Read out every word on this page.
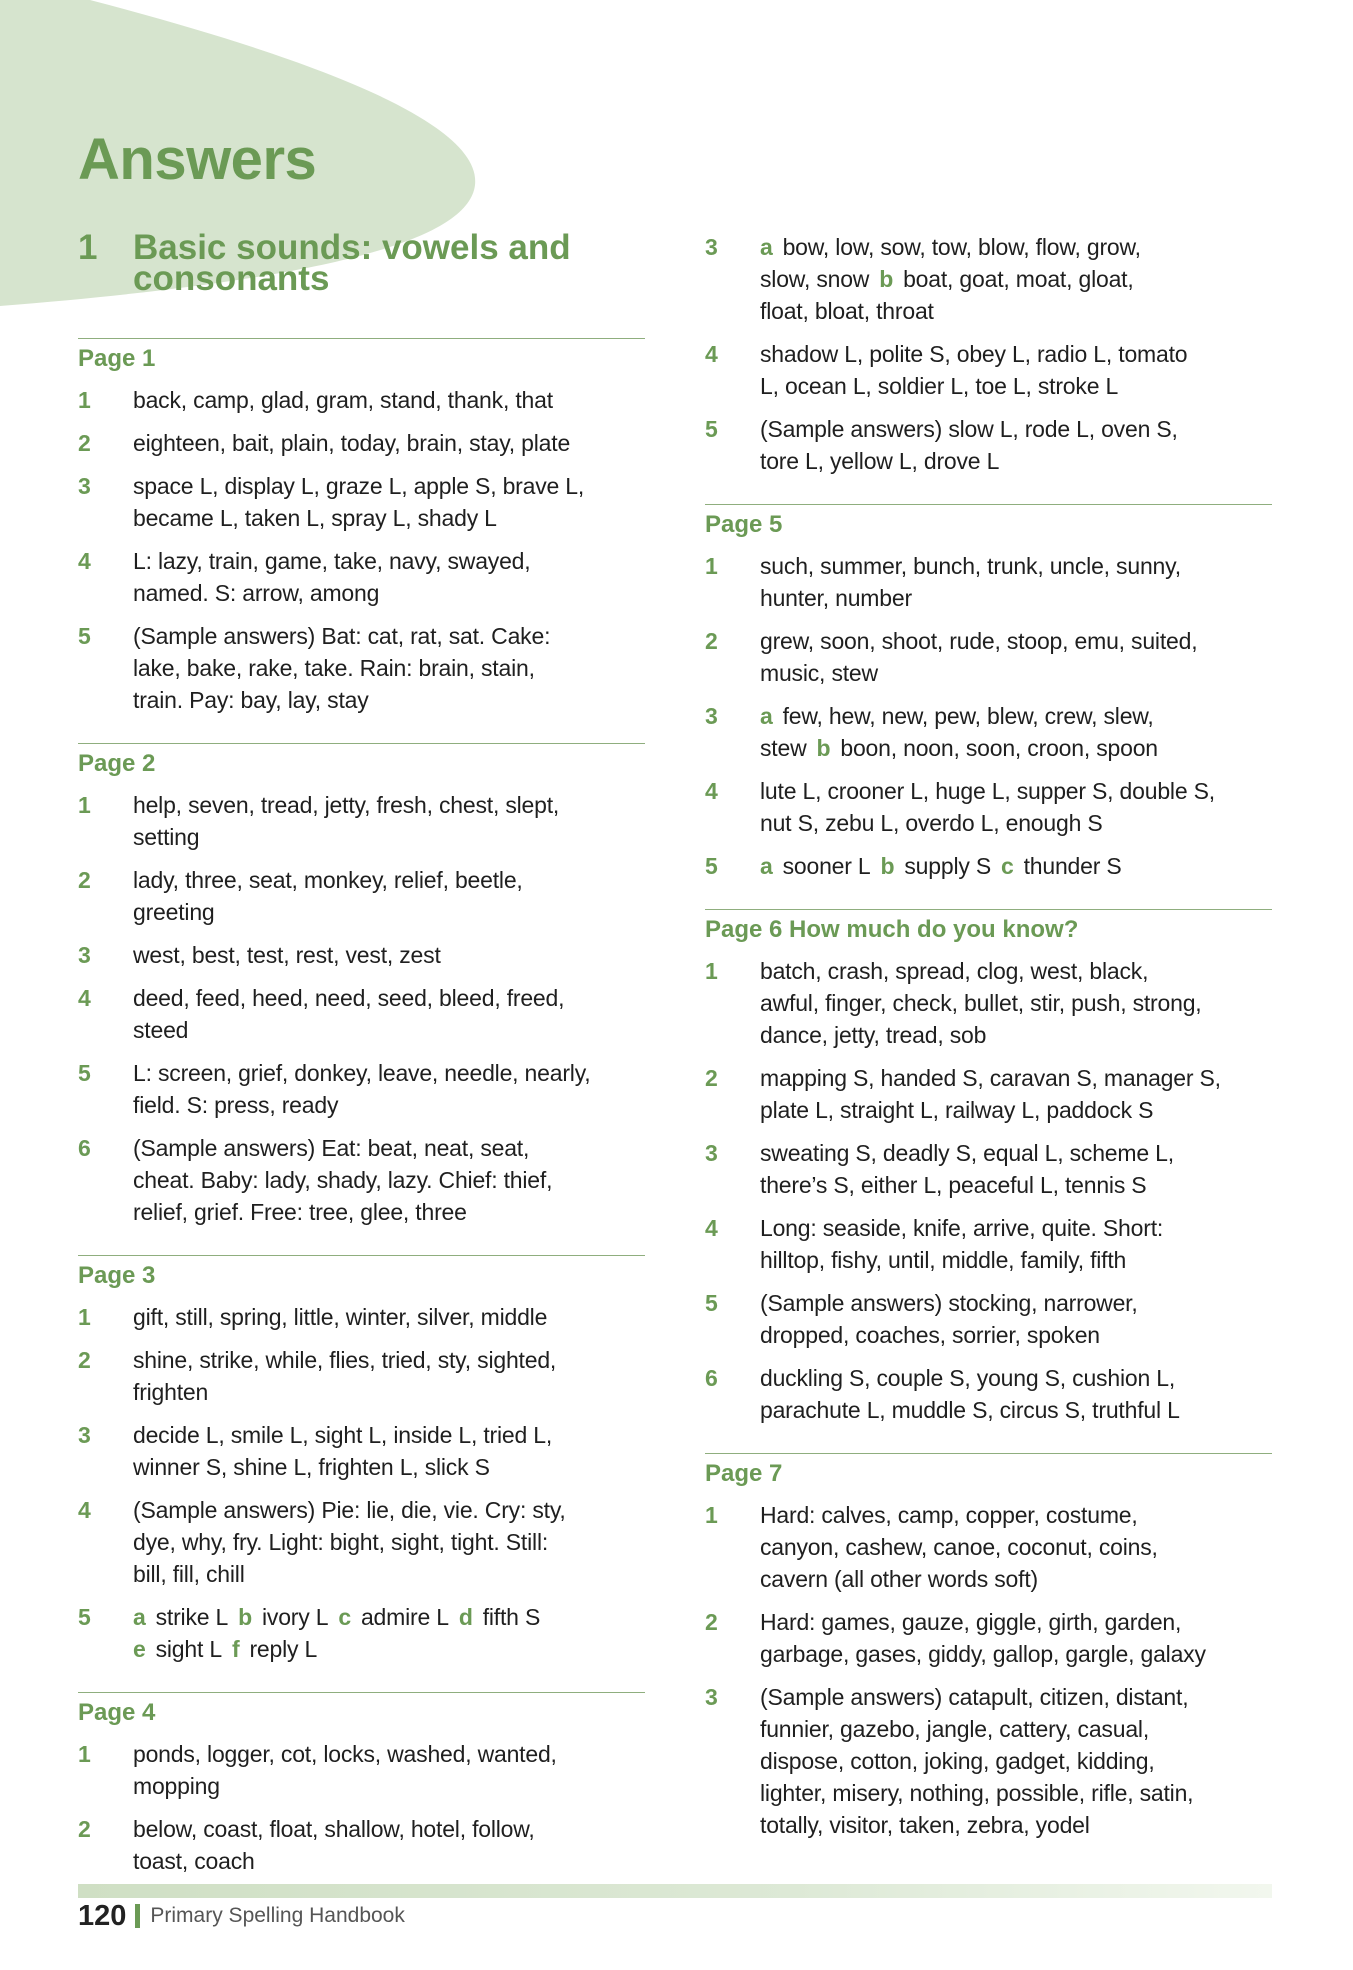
Answers
1 Basic sounds: vowels and consonants
Page 1
1 back, camp, glad, gram, stand, thank, that
2 eighteen, bait, plain, today, brain, stay, plate
3 space L, display L, graze L, apple S, brave L,
became L, taken L, spray L, shady L
4 L: lazy, train, game, take, navy, swayed,
named. S: arrow, among
5 (Sample answers) Bat: cat, rat, sat. Cake:
lake, bake, rake, take. Rain: brain, stain,
train. Pay: bay, lay, stay
Page 2
1 help, seven, tread, jetty, fresh, chest, slept,
setting
2 lady, three, seat, monkey, relief, beetle,
greeting
3 west, best, test, rest, vest, zest
4 deed, feed, heed, need, seed, bleed, freed,
steed
5 L: screen, grief, donkey, leave, needle, nearly,
field. S: press, ready
6 (Sample answers) Eat: beat, neat, seat,
cheat. Baby: lady, shady, lazy. Chief: thief,
relief, grief. Free: tree, glee, three
Page 3
1 gift, still, spring, little, winter, silver, middle
2 shine, strike, while, flies, tried, sty, sighted,
frighten
3 decide L, smile L, sight L, inside L, tried L,
winner S, shine L, frighten L, slick S
4 (Sample answers) Pie: lie, die, vie. Cry: sty,
dye, why, fry. Light: bight, sight, tight. Still:
bill, fill, chill
5 a strike L b ivory L c admire L d fifth S
e sight L f reply L
Page 4
1 ponds, logger, cot, locks, washed, wanted,
mopping
2 below, coast, float, shallow, hotel, follow,
toast, coach
3 a bow, low, sow, tow, blow, flow, grow,
slow, snow b boat, goat, moat, gloat,
float, bloat, throat
4 shadow L, polite S, obey L, radio L, tomato
L, ocean L, soldier L, toe L, stroke L
5 (Sample answers) slow L, rode L, oven S,
tore L, yellow L, drove L
Page 5
1 such, summer, bunch, trunk, uncle, sunny,
hunter, number
2 grew, soon, shoot, rude, stoop, emu, suited,
music, stew
3 a few, hew, new, pew, blew, crew, slew,
stew b boon, noon, soon, croon, spoon
4 lute L, crooner L, huge L, supper S, double S,
nut S, zebu L, overdo L, enough S
5 a sooner L b supply S c thunder S
Page 6 How much do you know?
1 batch, crash, spread, clog, west, black,
awful, finger, check, bullet, stir, push, strong,
dance, jetty, tread, sob
2 mapping S, handed S, caravan S, manager S,
plate L, straight L, railway L, paddock S
3 sweating S, deadly S, equal L, scheme L,
there’s S, either L, peaceful L, tennis S
4 Long: seaside, knife, arrive, quite. Short:
hilltop, fishy, until, middle, family, fifth
5 (Sample answers) stocking, narrower,
dropped, coaches, sorrier, spoken
6 duckling S, couple S, young S, cushion L,
parachute L, muddle S, circus S, truthful L
Page 7
1 Hard: calves, camp, copper, costume,
canyon, cashew, canoe, coconut, coins,
cavern (all other words soft)
2 Hard: games, gauze, giggle, girth, garden,
garbage, gases, giddy, gallop, gargle, galaxy
3 (Sample answers) catapult, citizen, distant,
funnier, gazebo, jangle, cattery, casual,
dispose, cotton, joking, gadget, kidding,
lighter, misery, nothing, possible, rifle, satin,
totally, visitor, taken, zebra, yodel
120 Primary Spelling Handbook
